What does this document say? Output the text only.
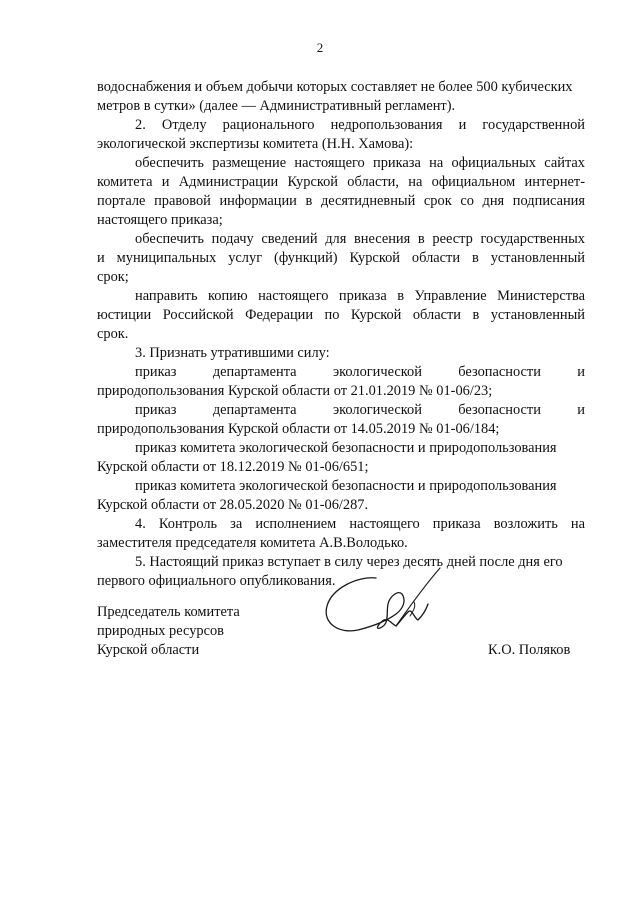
2
водоснабжения и объем добычи которых составляет не более 500 кубических
метров в сутки» (далее — Административный регламент).
2. Отделу рационального недропользования и государственной
экологической экспертизы комитета (Н.Н. Хамова):
обеспечить размещение настоящего приказа на официальных сайтах
комитета и Администрации Курской области, на официальном интернет-
портале правовой информации в десятидневный срок со дня подписания
настоящего приказа;
обеспечить подачу сведений для внесения в реестр государственных
и муниципальных услуг (функций) Курской области в установленный
срок;
направить копию настоящего приказа в Управление Министерства
юстиции Российской Федерации по Курской области в установленный
срок.
3. Признать утратившими силу:
приказ департамента экологической безопасности и
природопользования Курской области от 21.01.2019 № 01-06/23;
приказ департамента экологической безопасности и
природопользования Курской области от 14.05.2019 № 01-06/184;
приказ комитета экологической безопасности и природопользования
Курской области от 18.12.2019 № 01-06/651;
приказ комитета экологической безопасности и природопользования
Курской области от 28.05.2020 № 01-06/287.
4. Контроль за исполнением настоящего приказа возложить на
заместителя председателя комитета А.В.Володько.
5. Настоящий приказ вступает в силу через десять дней после дня его
первого официального опубликования.
Председатель комитета
природных ресурсов
Курской области	К.О. Поляков
